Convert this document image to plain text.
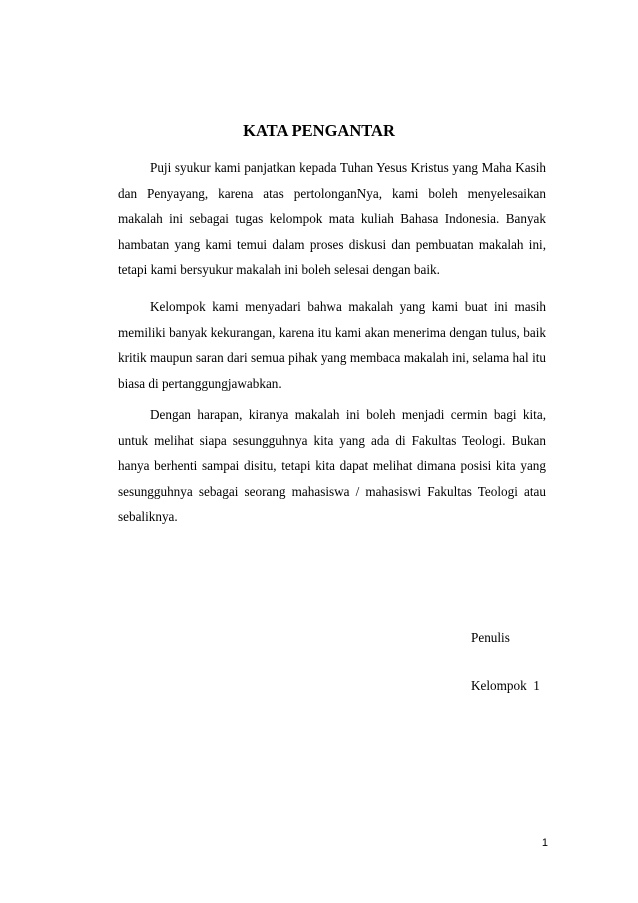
KATA PENGANTAR

Puji syukur kami panjatkan kepada Tuhan Yesus Kristus yang Maha Kasih dan Penyayang, karena atas pertolonganNya, kami boleh menyelesaikan makalah ini sebagai tugas kelompok mata kuliah Bahasa Indonesia. Banyak hambatan yang kami temui dalam proses diskusi dan pembuatan makalah ini, tetapi kami bersyukur makalah ini boleh selesai dengan baik.

Kelompok kami menyadari bahwa makalah yang kami buat ini masih memiliki banyak kekurangan, karena itu kami akan menerima dengan tulus, baik kritik maupun saran dari semua pihak yang membaca makalah ini, selama hal itu biasa di pertanggungjawabkan.

Dengan harapan, kiranya makalah ini boleh menjadi cermin bagi kita, untuk melihat siapa sesungguhnya kita yang ada di Fakultas Teologi. Bukan hanya berhenti sampai disitu, tetapi kita dapat melihat dimana posisi kita yang sesungguhnya sebagai seorang mahasiswa / mahasiswi Fakultas Teologi atau sebaliknya.

Penulis
Kelompok  1
1
